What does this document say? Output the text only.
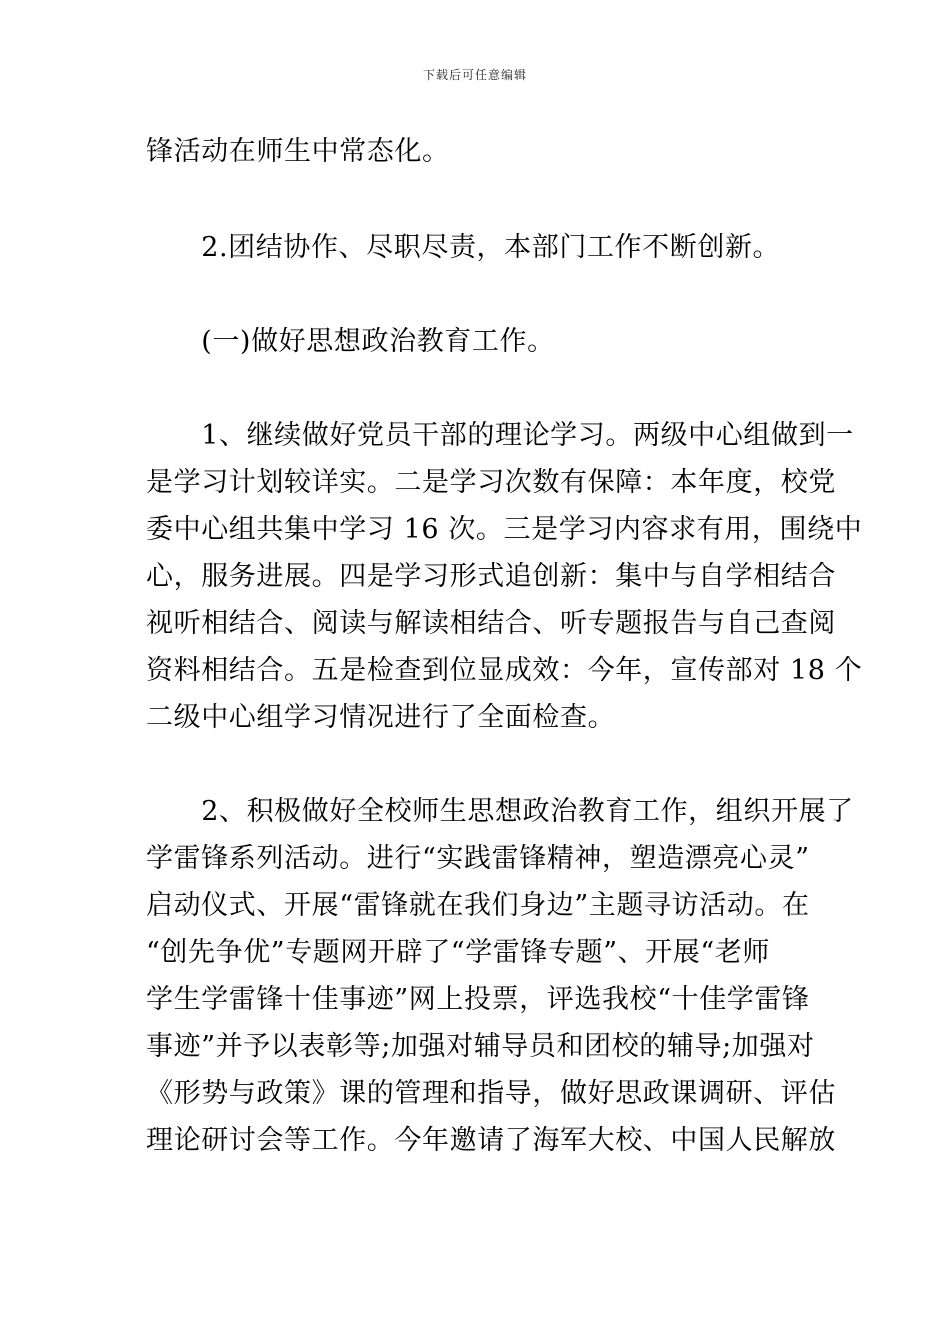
下载后可任意编辑

锋活动在师生中常态化。

　　2.团结协作、尽职尽责，本部门工作不断创新。

　　(一)做好思想政治教育工作。

　　1、继续做好党员干部的理论学习。两级中心组做到一
是学习计划较详实。二是学习次数有保障：本年度，校党
委中心组共集中学习 16 次。三是学习内容求有用，围绕中
心，服务进展。四是学习形式追创新：集中与自学相结合
视听相结合、阅读与解读相结合、听专题报告与自己查阅
资料相结合。五是检查到位显成效：今年，宣传部对 18 个
二级中心组学习情况进行了全面检查。

　　2、积极做好全校师生思想政治教育工作，组织开展了
学雷锋系列活动。进行“实践雷锋精神，塑造漂亮心灵”
启动仪式、开展“雷锋就在我们身边”主题寻访活动。在
“创先争优”专题网开辟了“学雷锋专题”、开展“老师
学生学雷锋十佳事迹”网上投票，评选我校“十佳学雷锋
事迹”并予以表彰等;加强对辅导员和团校的辅导;加强对
《形势与政策》课的管理和指导，做好思政课调研、评估
理论研讨会等工作。今年邀请了海军大校、中国人民解放
